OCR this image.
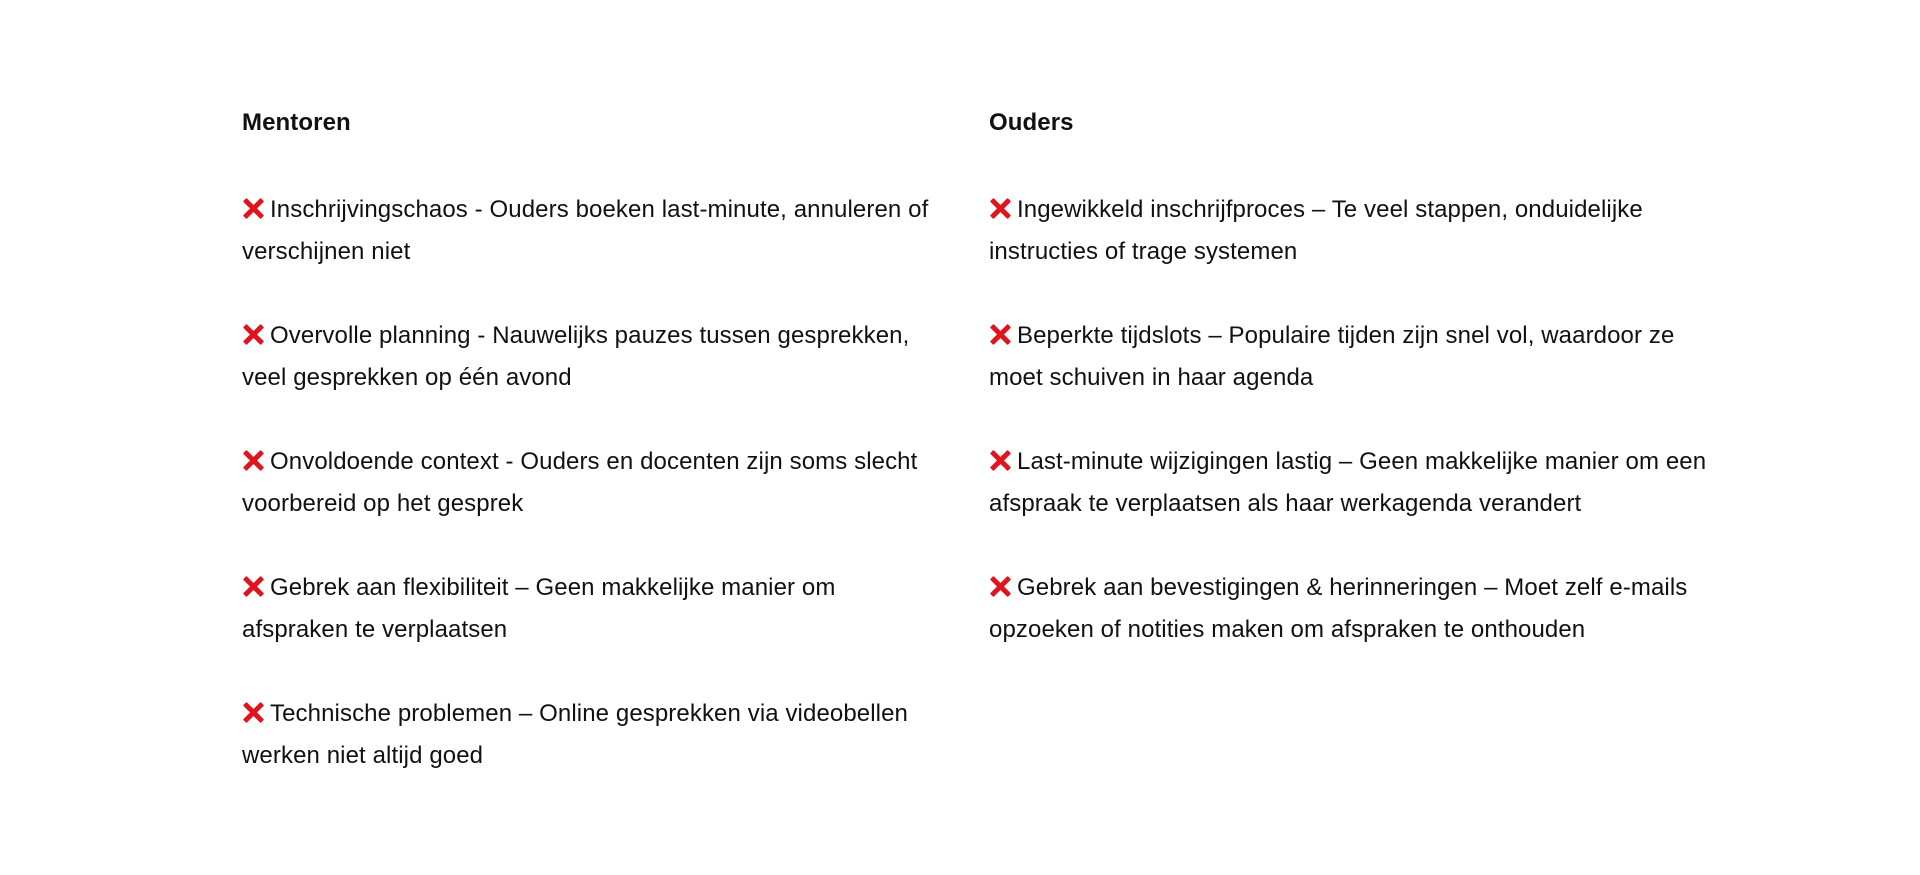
Mentoren
Inschrijvingschaos - Ouders boeken last-minute, annuleren of verschijnen niet
Overvolle planning - Nauwelijks pauzes tussen gesprekken, veel gesprekken op één avond
Onvoldoende context - Ouders en docenten zijn soms slecht voorbereid op het gesprek
Gebrek aan flexibiliteit – Geen makkelijke manier om afspraken te verplaatsen
Technische problemen – Online gesprekken via videobellen werken niet altijd goed
Ouders
Ingewikkeld inschrijfproces – Te veel stappen, onduidelijke instructies of trage systemen
Beperkte tijdslots – Populaire tijden zijn snel vol, waardoor ze moet schuiven in haar agenda
Last-minute wijzigingen lastig – Geen makkelijke manier om een afspraak te verplaatsen als haar werkagenda verandert
Gebrek aan bevestigingen & herinneringen – Moet zelf e-mails opzoeken of notities maken om afspraken te onthouden
